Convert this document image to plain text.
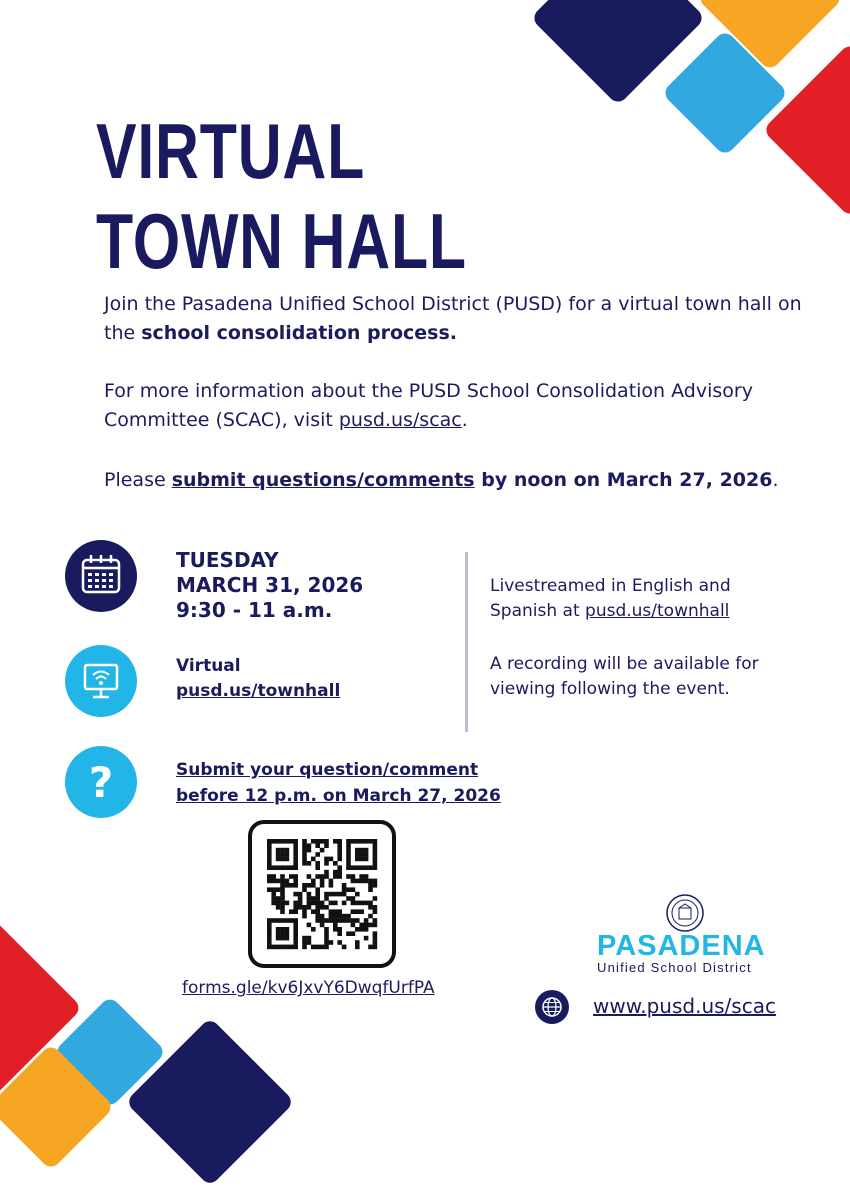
VIRTUAL
TOWN HALL
Join the Pasadena Unified School District (PUSD) for a virtual town hall on the school consolidation process.
For more information about the PUSD School Consolidation Advisory Committee (SCAC), visit pusd.us/scac.
Please submit questions/comments by noon on March 27, 2026.
TUESDAY
MARCH 31, 2026
9:30 - 11 a.m.
Virtual
pusd.us/townhall
Livestreamed in English and Spanish at pusd.us/townhall
A recording will be available for viewing following the event.
?	Submit your question/comment
before 12 p.m. on March 27, 2026
forms.gle/kv6JxvY6DwqfUrfPA
PASADENA
Unified School District
www.pusd.us/scac
